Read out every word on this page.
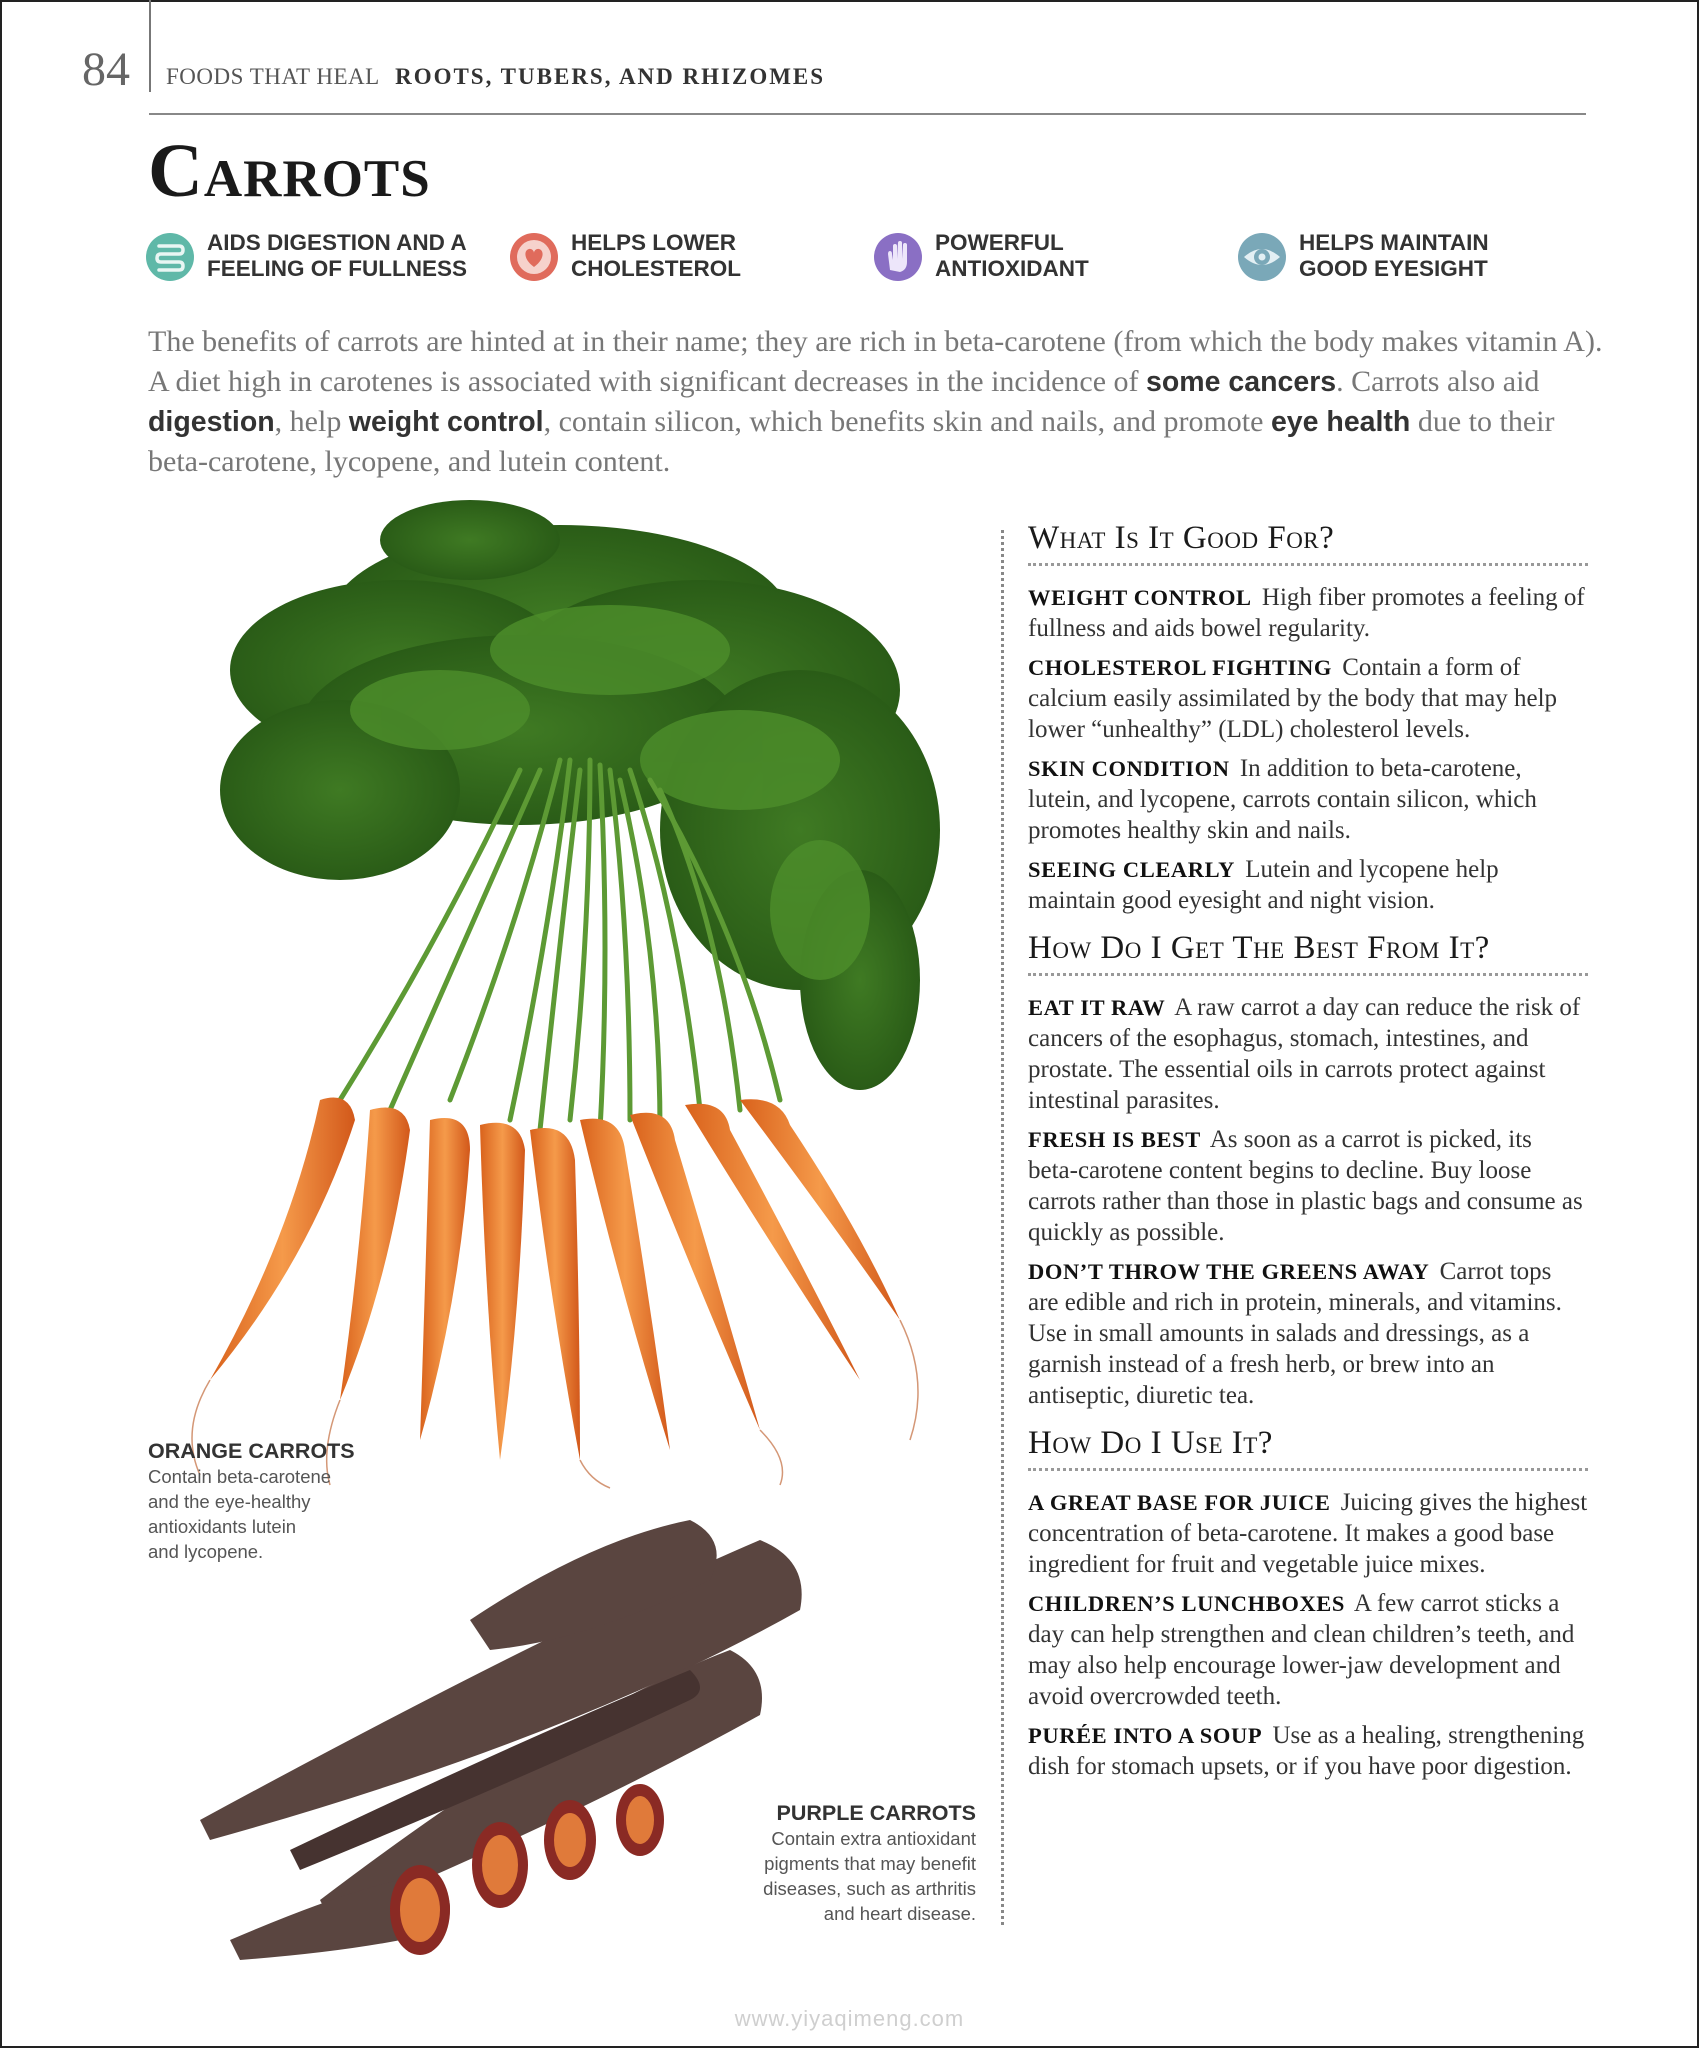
84 FOODS THAT HEAL ROOTS, TUBERS, AND RHIZOMES
Carrots
AIDS DIGESTION AND A
FEELING OF FULLNESS
HELPS LOWER
CHOLESTEROL
POWERFUL
ANTIOXIDANT
HELPS MAINTAIN
GOOD EYESIGHT

The benefits of carrots are hinted at in their name; they are rich in beta-carotene (from which the body makes vitamin A). A diet high in carotenes is associated with significant decreases in the incidence of some cancers. Carrots also aid digestion, help weight control, contain silicon, which benefits skin and nails, and promote eye health due to their beta-carotene, lycopene, and lutein content.

ORANGE CARROTS
Contain beta-carotene
and the eye-healthy
antioxidants lutein
and lycopene.
PURPLE CARROTS
Contain extra antioxidant
pigments that may benefit
diseases, such as arthritis
and heart disease.
What Is It Good For?

WEIGHT CONTROL High fiber promotes a feeling of fullness and aids bowel regularity.

CHOLESTEROL FIGHTING Contain a form of calcium easily assimilated by the body that may help lower “unhealthy” (LDL) cholesterol levels.

SKIN CONDITION In addition to beta-carotene, lutein, and lycopene, carrots contain silicon, which promotes healthy skin and nails.

SEEING CLEARLY Lutein and lycopene help maintain good eyesight and night vision.

How Do I Get The Best From It?

EAT IT RAW A raw carrot a day can reduce the risk of cancers of the esophagus, stomach, intestines, and prostate. The essential oils in carrots protect against intestinal parasites.

FRESH IS BEST As soon as a carrot is picked, its beta-carotene content begins to decline. Buy loose carrots rather than those in plastic bags and consume as quickly as possible.

DON’T THROW THE GREENS AWAY Carrot tops are edible and rich in protein, minerals, and vitamins. Use in small amounts in salads and dressings, as a garnish instead of a fresh herb, or brew into an antiseptic, diuretic tea.

How Do I Use It?

A GREAT BASE FOR JUICE Juicing gives the highest concentration of beta-carotene. It makes a good base ingredient for fruit and vegetable juice mixes.

CHILDREN’S LUNCHBOXES A few carrot sticks a day can help strengthen and clean children’s teeth, and may also help encourage lower-jaw development and avoid overcrowded teeth.

PURÉE INTO A SOUP Use as a healing, strengthening dish for stomach upsets, or if you have poor digestion.

www.yiyaqimeng.com
